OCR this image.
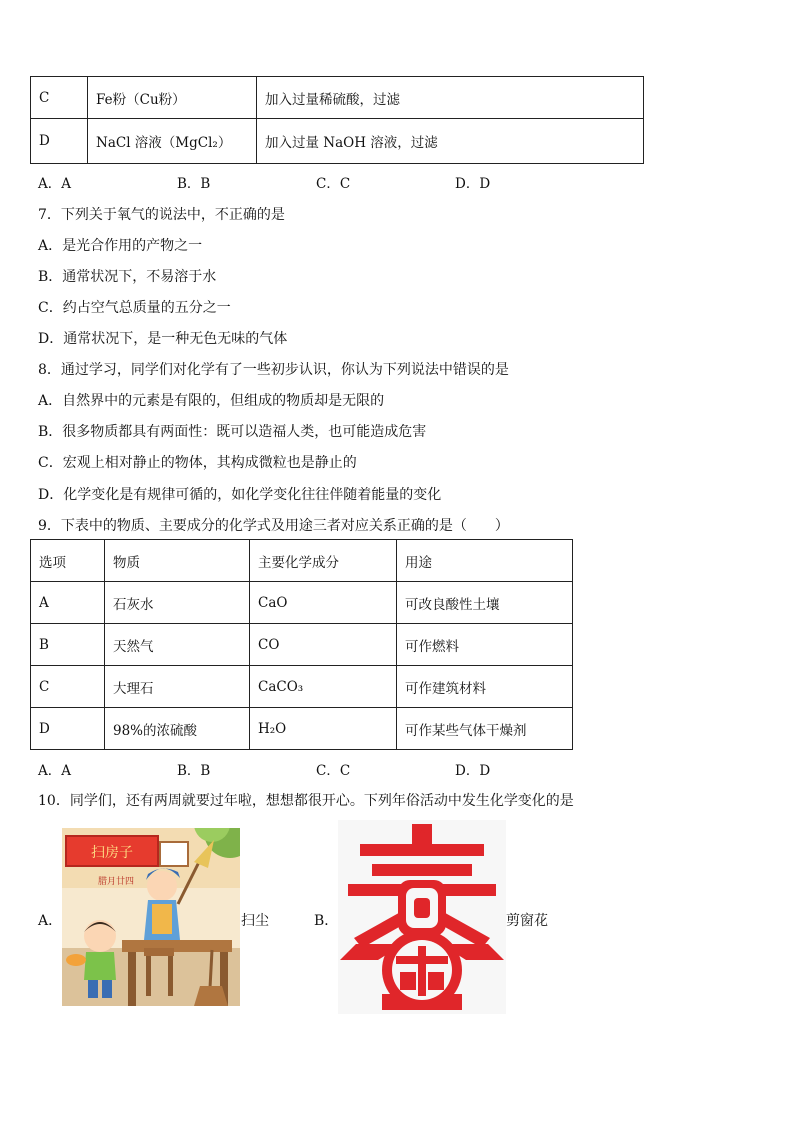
C	Fe粉（Cu粉）	加入过量稀硫酸，过滤
D	NaCl 溶液（MgCl₂）	加入过量 NaOH 溶液，过滤
A．A	B．B	C．C	D．D
7．下列关于氧气的说法中，不正确的是
A．是光合作用的产物之一
B．通常状况下，不易溶于水
C．约占空气总质量的五分之一
D．通常状况下，是一种无色无味的气体
8．通过学习，同学们对化学有了一些初步认识，你认为下列说法中错误的是
A．自然界中的元素是有限的，但组成的物质却是无限的
B．很多物质都具有两面性：既可以造福人类，也可能造成危害
C．宏观上相对静止的物体，其构成微粒也是静止的
D．化学变化是有规律可循的，如化学变化往往伴随着能量的变化
9．下表中的物质、主要成分的化学式及用途三者对应关系正确的是（　　）
选项	物质	主要化学成分	用途
A	石灰水	CaO	可改良酸性土壤
B	天然气	CO	可作燃料
C	大理石	CaCO₃	可作建筑材料
D	98%的浓硫酸	H₂O	可作某些气体干燥剂
A．A	B．B	C．C	D．D
10．同学们，还有两周就要过年啦，想想都很开心。下列年俗活动中发生化学变化的是
A．
扫房子
腊月廿四
扫尘	B．
春
剪窗花
